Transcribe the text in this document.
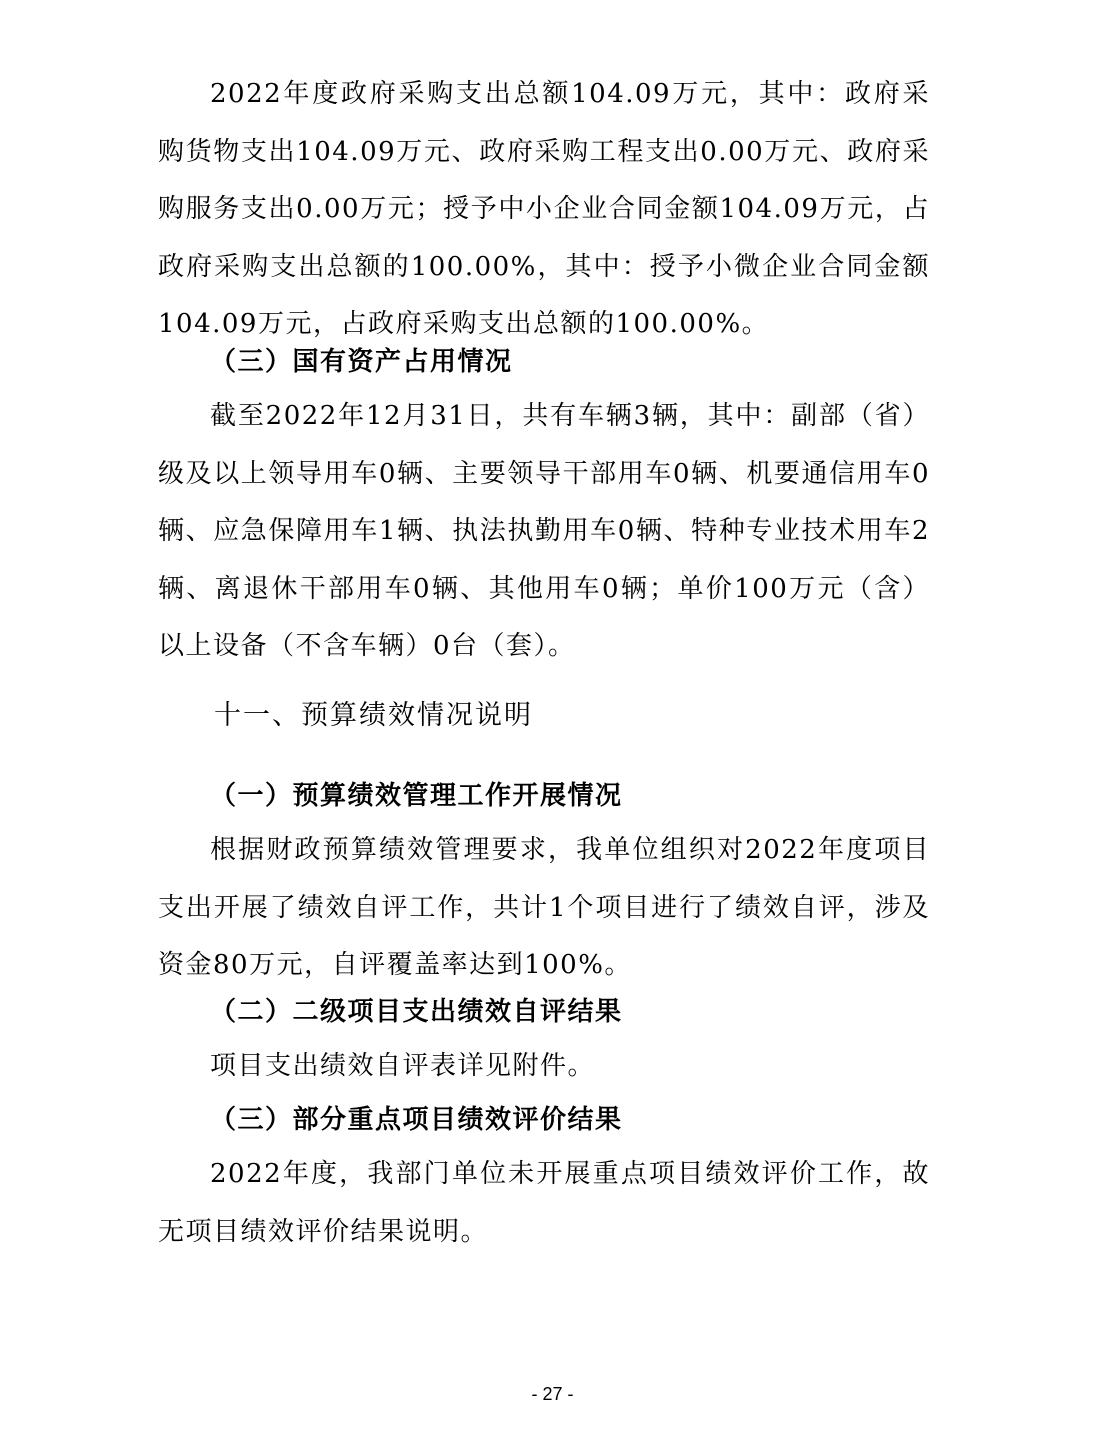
2022年度政府采购支出总额104.09万元，其中：政府采购货物支出104.09万元、政府采购工程支出0.00万元、政府采购服务支出0.00万元；授予中小企业合同金额104.09万元，占政府采购支出总额的100.00%，其中：授予小微企业合同金额104.09万元，占政府采购支出总额的100.00%。

（三）国有资产占用情况

截至2022年12月31日，共有车辆3辆，其中：副部（省）级及以上领导用车0辆、主要领导干部用车0辆、机要通信用车0辆、应急保障用车1辆、执法执勤用车0辆、特种专业技术用车2辆、离退休干部用车0辆、其他用车0辆；单价100万元（含）以上设备（不含车辆）0台（套）。

十一、预算绩效情况说明
（一）预算绩效管理工作开展情况

根据财政预算绩效管理要求，我单位组织对2022年度项目支出开展了绩效自评工作，共计1个项目进行了绩效自评，涉及资金80万元，自评覆盖率达到100%。

（二）二级项目支出绩效自评结果

项目支出绩效自评表详见附件。

（三）部分重点项目绩效评价结果

2022年度，我部门单位未开展重点项目绩效评价工作，故无项目绩效评价结果说明。

- 27 -
